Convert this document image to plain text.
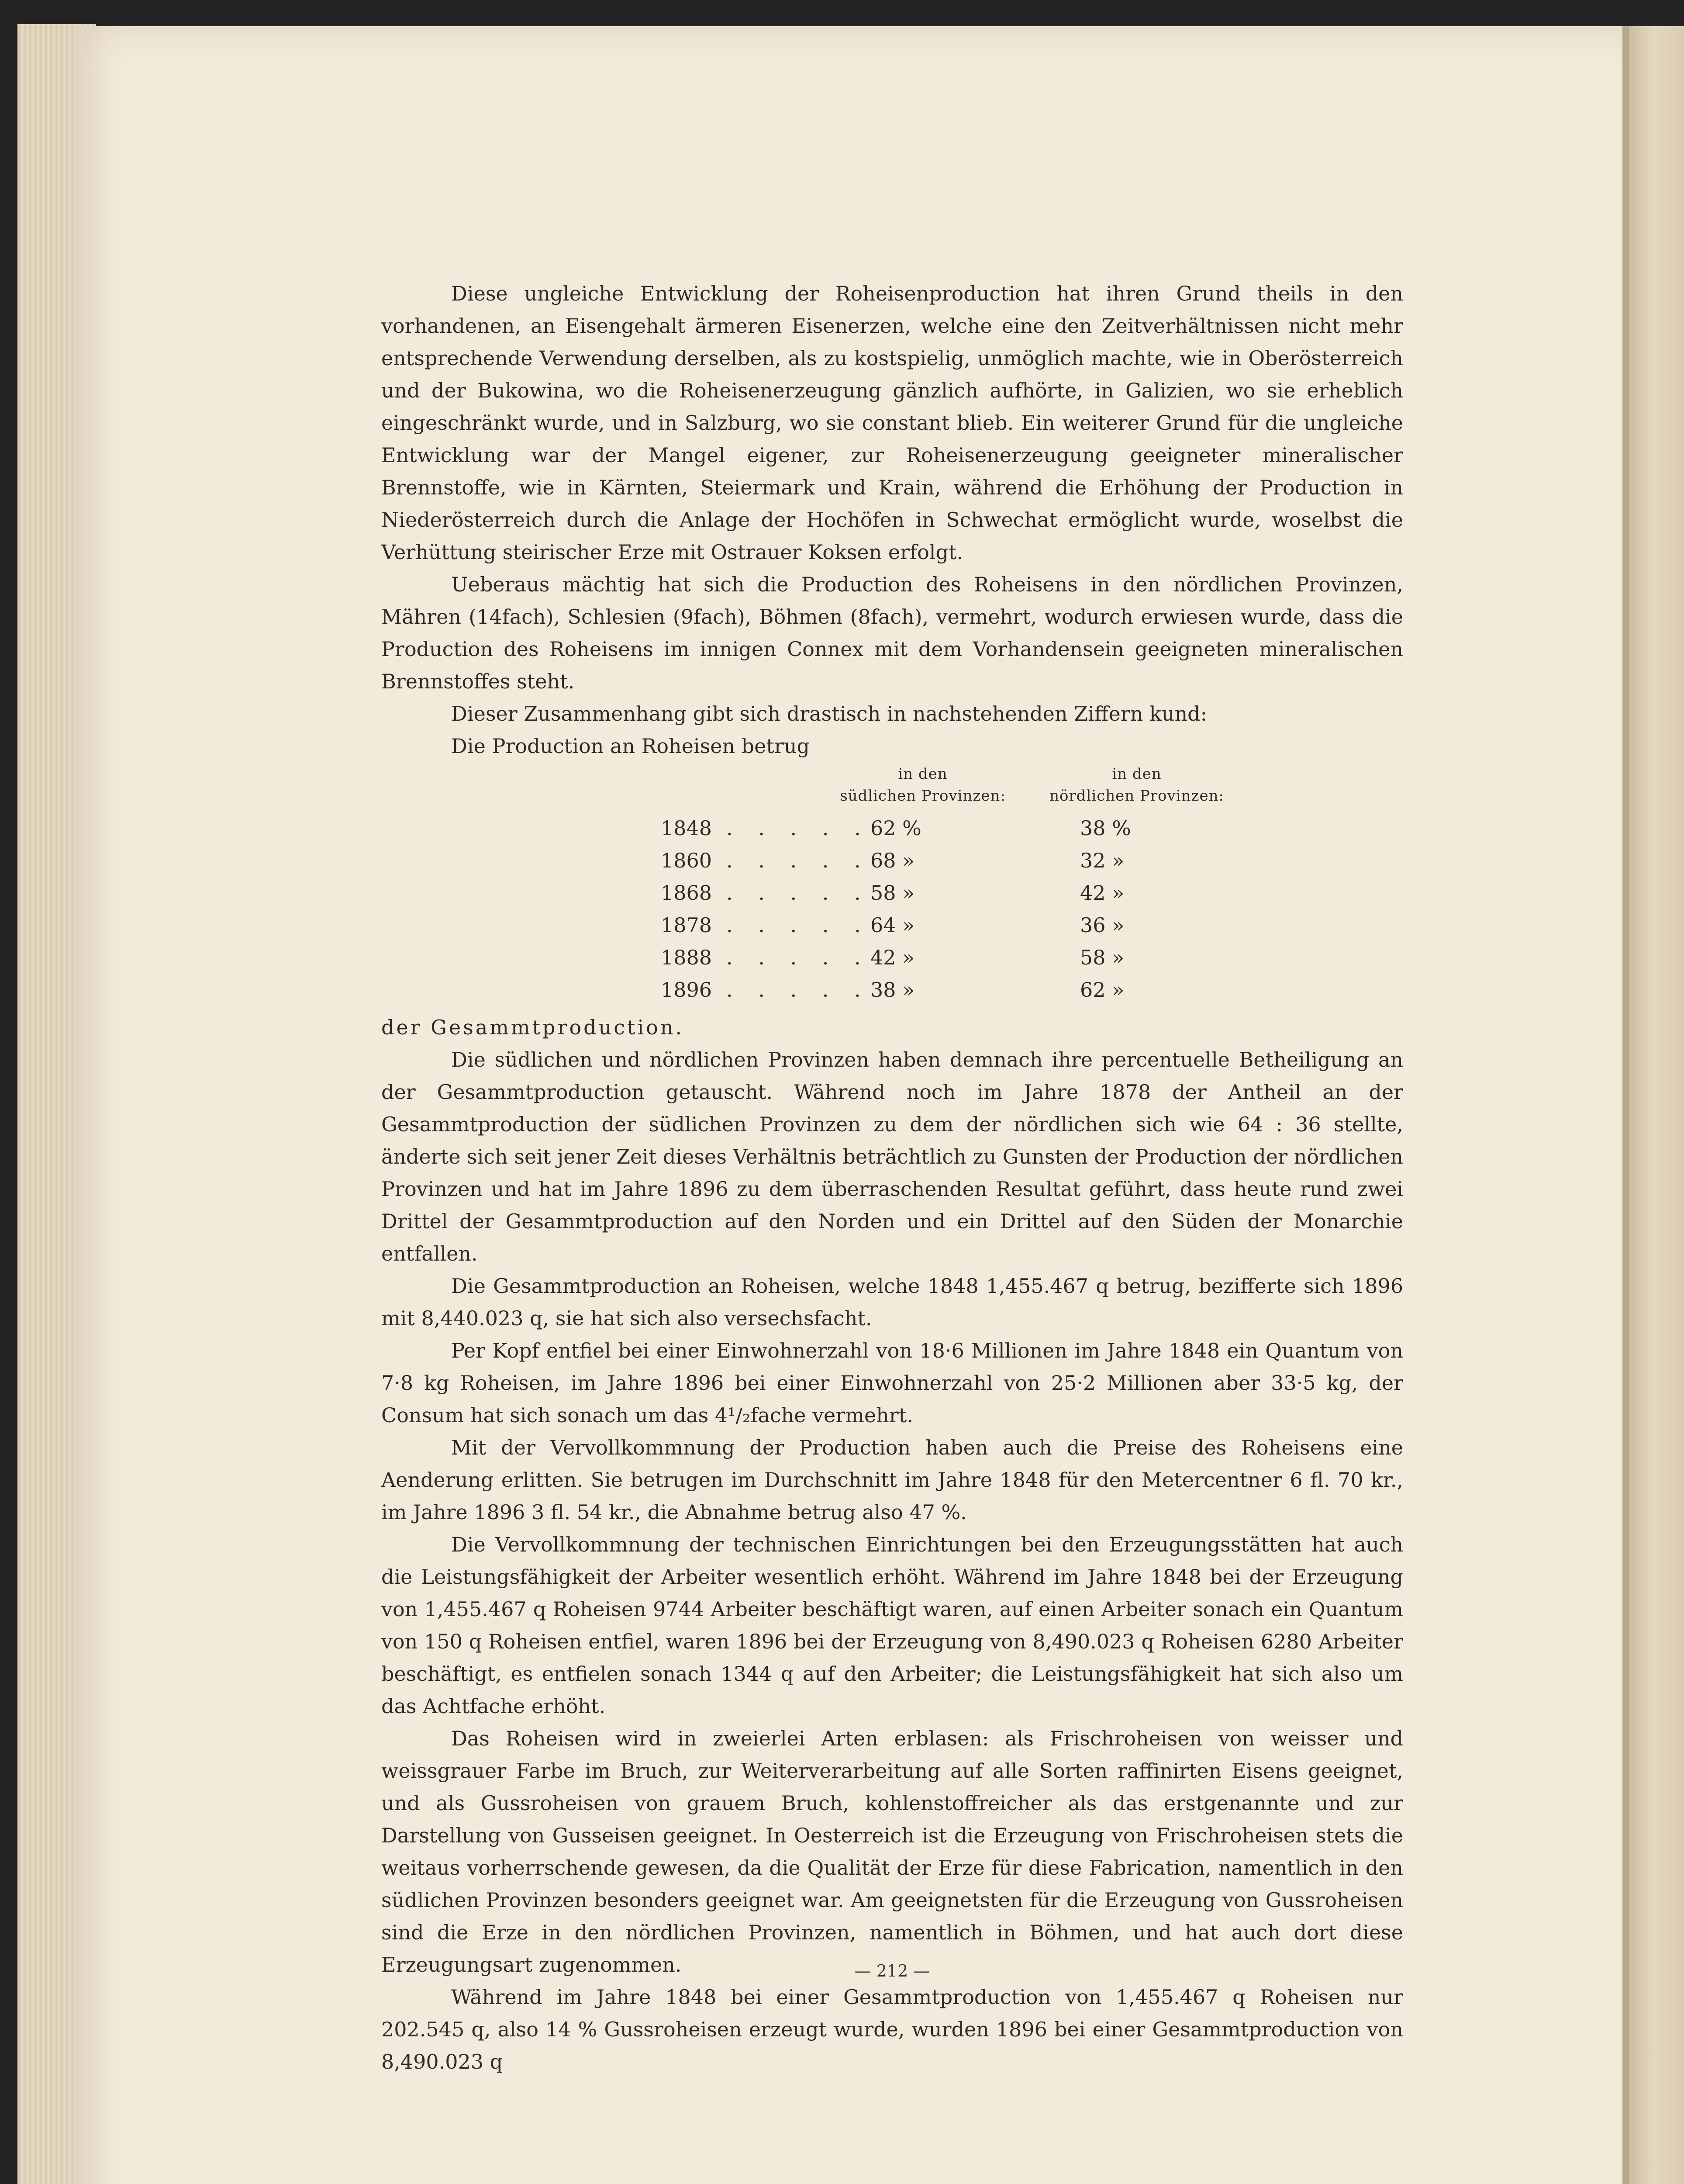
Diese ungleiche Entwicklung der Roheisenproduction hat ihren Grund theils in den vorhandenen, an Eisengehalt ärmeren Eisenerzen, welche eine den Zeitverhältnissen nicht mehr entsprechende Verwendung derselben, als zu kostspielig, unmöglich machte, wie in Oberösterreich und der Bukowina, wo die Roheisenerzeugung gänzlich aufhörte, in Galizien, wo sie erheblich eingeschränkt wurde, und in Salzburg, wo sie constant blieb. Ein weiterer Grund für die ungleiche Entwicklung war der Mangel eigener, zur Roheisenerzeugung geeigneter mineralischer Brennstoffe, wie in Kärnten, Steiermark und Krain, während die Erhöhung der Production in Niederösterreich durch die Anlage der Hochöfen in Schwechat ermöglicht wurde, woselbst die Verhüttung steirischer Erze mit Ostrauer Koksen erfolgt.

Ueberaus mächtig hat sich die Production des Roheisens in den nördlichen Provinzen, Mähren (14fach), Schlesien (9fach), Böhmen (8fach), vermehrt, wodurch erwiesen wurde, dass die Production des Roheisens im innigen Connex mit dem Vorhandensein geeigneten mineralischen Brennstoffes steht.

Dieser Zusammenhang gibt sich drastisch in nachstehenden Ziffern kund:

Die Production an Roheisen betrug

in den
südlichen Provinzen:
in den
nördlichen Provinzen:
1848 . . . . . 62 %	38 %
1860 . . . . . 68 »	32 »
1868 . . . . . 58 »	42 »
1878 . . . . . 64 »	36 »
1888 . . . . . 42 »	58 »
1896 . . . . . 38 »	62 »

der Gesammtproduction.

Die südlichen und nördlichen Provinzen haben demnach ihre percentuelle Betheiligung an der Gesammtproduction getauscht. Während noch im Jahre 1878 der Antheil an der Gesammtproduction der südlichen Provinzen zu dem der nördlichen sich wie 64 : 36 stellte, änderte sich seit jener Zeit dieses Verhältnis beträchtlich zu Gunsten der Production der nördlichen Provinzen und hat im Jahre 1896 zu dem überraschenden Resultat geführt, dass heute rund zwei Drittel der Gesammtproduction auf den Norden und ein Drittel auf den Süden der Monarchie entfallen.

Die Gesammtproduction an Roheisen, welche 1848 1,455.467 q betrug, bezifferte sich 1896 mit 8,440.023 q, sie hat sich also versechsfacht.

Per Kopf entfiel bei einer Einwohnerzahl von 18·6 Millionen im Jahre 1848 ein Quantum von 7·8 kg Roheisen, im Jahre 1896 bei einer Einwohnerzahl von 25·2 Millionen aber 33·5 kg, der Consum hat sich sonach um das 4¹/₂fache vermehrt.

Mit der Vervollkommnung der Production haben auch die Preise des Roheisens eine Aenderung erlitten. Sie betrugen im Durchschnitt im Jahre 1848 für den Metercentner 6 fl. 70 kr., im Jahre 1896 3 fl. 54 kr., die Abnahme betrug also 47 %.

Die Vervollkommnung der technischen Einrichtungen bei den Erzeugungsstätten hat auch die Leistungsfähigkeit der Arbeiter wesentlich erhöht. Während im Jahre 1848 bei der Erzeugung von 1,455.467 q Roheisen 9744 Arbeiter beschäftigt waren, auf einen Arbeiter sonach ein Quantum von 150 q Roheisen entfiel, waren 1896 bei der Erzeugung von 8,490.023 q Roheisen 6280 Arbeiter beschäftigt, es entfielen sonach 1344 q auf den Arbeiter; die Leistungsfähigkeit hat sich also um das Achtfache erhöht.

Das Roheisen wird in zweierlei Arten erblasen: als Frischroheisen von weisser und weissgrauer Farbe im Bruch, zur Weiterverarbeitung auf alle Sorten raffinirten Eisens geeignet, und als Gussroheisen von grauem Bruch, kohlenstoffreicher als das erstgenannte und zur Darstellung von Gusseisen geeignet. In Oesterreich ist die Erzeugung von Frischroheisen stets die weitaus vorherrschende gewesen, da die Qualität der Erze für diese Fabrication, namentlich in den südlichen Provinzen besonders geeignet war. Am geeignetsten für die Erzeugung von Gussroheisen sind die Erze in den nördlichen Provinzen, namentlich in Böhmen, und hat auch dort diese Erzeugungsart zugenommen.

Während im Jahre 1848 bei einer Gesammtproduction von 1,455.467 q Roheisen nur 202.545 q, also 14 % Gussroheisen erzeugt wurde, wurden 1896 bei einer Gesammtproduction von 8,490.023 q

— 212 —
